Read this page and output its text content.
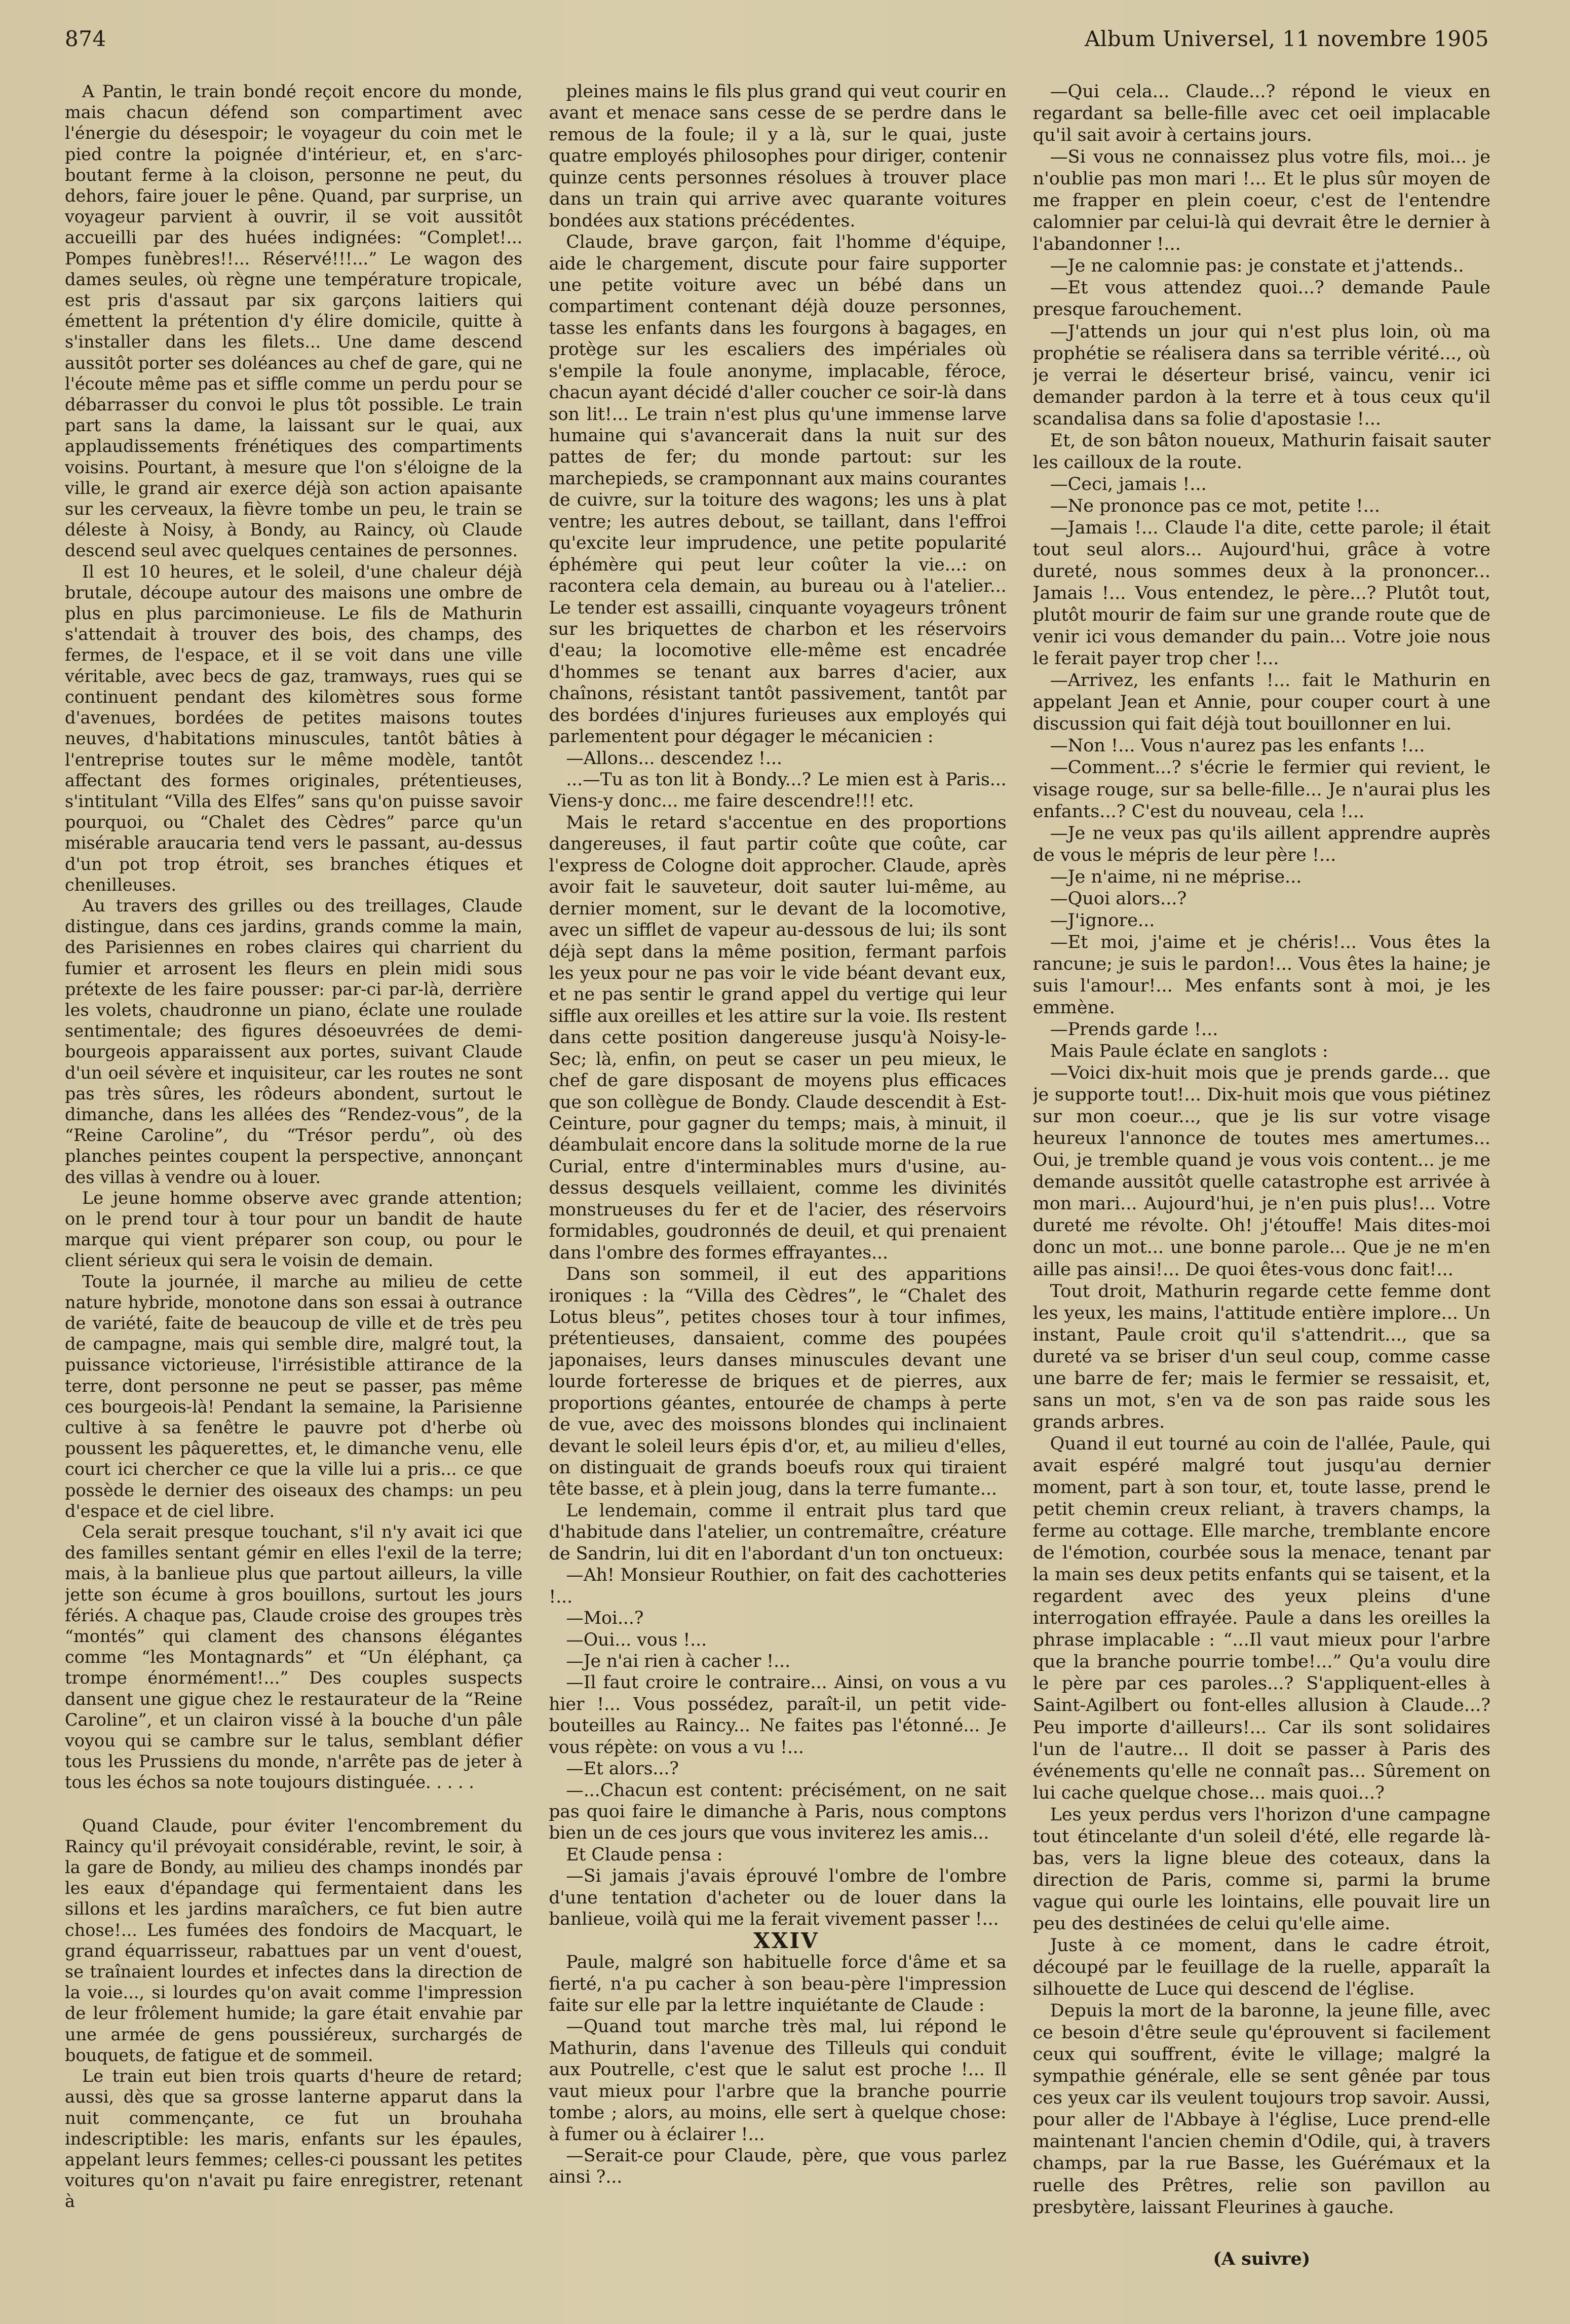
874	Album Universel, 11 novembre 1905

A Pantin, le train bondé reçoit encore du monde, mais chacun défend son compartiment avec l'énergie du désespoir; le voyageur du coin met le pied contre la poignée d'intérieur, et, en s'arc-boutant ferme à la cloison, personne ne peut, du dehors, faire jouer le pêne. Quand, par surprise, un voyageur parvient à ouvrir, il se voit aussitôt accueilli par des huées indignées: “Complet!... Pompes funèbres!!... Réservé!!!...” Le wagon des dames seules, où règne une température tropicale, est pris d'assaut par six garçons laitiers qui émettent la prétention d'y élire domicile, quitte à s'installer dans les filets... Une dame descend aussitôt porter ses doléances au chef de gare, qui ne l'écoute même pas et siffle comme un perdu pour se débarrasser du convoi le plus tôt possible. Le train part sans la dame, la laissant sur le quai, aux applaudissements frénétiques des compartiments voisins. Pourtant, à mesure que l'on s'éloigne de la ville, le grand air exerce déjà son action apaisante sur les cerveaux, la fièvre tombe un peu, le train se déleste à Noisy, à Bondy, au Raincy, où Claude descend seul avec quelques centaines de personnes.

Il est 10 heures, et le soleil, d'une chaleur déjà brutale, découpe autour des maisons une ombre de plus en plus parcimonieuse. Le fils de Mathurin s'attendait à trouver des bois, des champs, des fermes, de l'espace, et il se voit dans une ville véritable, avec becs de gaz, tramways, rues qui se continuent pendant des kilomètres sous forme d'avenues, bordées de petites maisons toutes neuves, d'habitations minuscules, tantôt bâties à l'entreprise toutes sur le même modèle, tantôt affectant des formes originales, prétentieuses, s'intitulant “Villa des Elfes” sans qu'on puisse savoir pourquoi, ou “Chalet des Cèdres” parce qu'un misérable araucaria tend vers le passant, au-dessus d'un pot trop étroit, ses branches étiques et chenilleuses.

Au travers des grilles ou des treillages, Claude distingue, dans ces jardins, grands comme la main, des Parisiennes en robes claires qui charrient du fumier et arrosent les fleurs en plein midi sous prétexte de les faire pousser: par-ci par-là, derrière les volets, chaudronne un piano, éclate une roulade sentimentale; des figures désoeuvrées de demi-bourgeois apparaissent aux portes, suivant Claude d'un oeil sévère et inquisiteur, car les routes ne sont pas très sûres, les rôdeurs abondent, surtout le dimanche, dans les allées des “Rendez-vous”, de la “Reine Caroline”, du “Trésor perdu”, où des planches peintes coupent la perspective, annonçant des villas à vendre ou à louer.

Le jeune homme observe avec grande attention; on le prend tour à tour pour un bandit de haute marque qui vient préparer son coup, ou pour le client sérieux qui sera le voisin de demain.

Toute la journée, il marche au milieu de cette nature hybride, monotone dans son essai à outrance de variété, faite de beaucoup de ville et de très peu de campagne, mais qui semble dire, malgré tout, la puissance victorieuse, l'irrésistible attirance de la terre, dont personne ne peut se passer, pas même ces bourgeois-là! Pendant la semaine, la Parisienne cultive à sa fenêtre le pauvre pot d'herbe où poussent les pâquerettes, et, le dimanche venu, elle court ici chercher ce que la ville lui a pris... ce que possède le dernier des oiseaux des champs: un peu d'espace et de ciel libre.

Cela serait presque touchant, s'il n'y avait ici que des familles sentant gémir en elles l'exil de la terre; mais, à la banlieue plus que partout ailleurs, la ville jette son écume à gros bouillons, surtout les jours fériés. A chaque pas, Claude croise des groupes très “montés” qui clament des chansons élégantes comme “les Montagnards” et “Un éléphant, ça trompe énormément!...” Des couples suspects dansent une gigue chez le restaurateur de la “Reine Caroline”, et un clairon vissé à la bouche d'un pâle voyou qui se cambre sur le talus, semblant défier tous les Prussiens du monde, n'arrête pas de jeter à tous les échos sa note toujours distinguée. . . . .

Quand Claude, pour éviter l'encombrement du Raincy qu'il prévoyait considérable, revint, le soir, à la gare de Bondy, au milieu des champs inondés par les eaux d'épandage qui fermentaient dans les sillons et les jardins maraîchers, ce fut bien autre chose!... Les fumées des fondoirs de Macquart, le grand équarrisseur, rabattues par un vent d'ouest, se traînaient lourdes et infectes dans la direction de la voie..., si lourdes qu'on avait comme l'impression de leur frôlement humide; la gare était envahie par une armée de gens poussiéreux, surchargés de bouquets, de fatigue et de sommeil.

Le train eut bien trois quarts d'heure de retard; aussi, dès que sa grosse lanterne apparut dans la nuit commençante, ce fut un brouhaha indescriptible: les maris, enfants sur les épaules, appelant leurs femmes; celles-ci poussant les petites voitures qu'on n'avait pu faire enregistrer, retenant à

pleines mains le fils plus grand qui veut courir en avant et menace sans cesse de se perdre dans le remous de la foule; il y a là, sur le quai, juste quatre employés philosophes pour diriger, contenir quinze cents personnes résolues à trouver place dans un train qui arrive avec quarante voitures bondées aux stations précédentes.

Claude, brave garçon, fait l'homme d'équipe, aide le chargement, discute pour faire supporter une petite voiture avec un bébé dans un compartiment contenant déjà douze personnes, tasse les enfants dans les fourgons à bagages, en protège sur les escaliers des impériales où s'empile la foule anonyme, implacable, féroce, chacun ayant décidé d'aller coucher ce soir-là dans son lit!... Le train n'est plus qu'une immense larve humaine qui s'avancerait dans la nuit sur des pattes de fer; du monde partout: sur les marchepieds, se cramponnant aux mains courantes de cuivre, sur la toiture des wagons; les uns à plat ventre; les autres debout, se taillant, dans l'effroi qu'excite leur imprudence, une petite popularité éphémère qui peut leur coûter la vie...: on racontera cela demain, au bureau ou à l'atelier... Le tender est assailli, cinquante voyageurs trônent sur les briquettes de charbon et les réservoirs d'eau; la locomotive elle-même est encadrée d'hommes se tenant aux barres d'acier, aux chaînons, résistant tantôt passivement, tantôt par des bordées d'injures furieuses aux employés qui parlementent pour dégager le mécanicien :

—Allons... descendez !...

...—Tu as ton lit à Bondy...? Le mien est à Paris... Viens-y donc... me faire descendre!!! etc.

Mais le retard s'accentue en des proportions dangereuses, il faut partir coûte que coûte, car l'express de Cologne doit approcher. Claude, après avoir fait le sauveteur, doit sauter lui-même, au dernier moment, sur le devant de la locomotive, avec un sifflet de vapeur au-dessous de lui; ils sont déjà sept dans la même position, fermant parfois les yeux pour ne pas voir le vide béant devant eux, et ne pas sentir le grand appel du vertige qui leur siffle aux oreilles et les attire sur la voie. Ils restent dans cette position dangereuse jusqu'à Noisy-le-Sec; là, enfin, on peut se caser un peu mieux, le chef de gare disposant de moyens plus efficaces que son collègue de Bondy. Claude descendit à Est-Ceinture, pour gagner du temps; mais, à minuit, il déambulait encore dans la solitude morne de la rue Curial, entre d'interminables murs d'usine, au-dessus desquels veillaient, comme les divinités monstrueuses du fer et de l'acier, des réservoirs formidables, goudronnés de deuil, et qui prenaient dans l'ombre des formes effrayantes...

Dans son sommeil, il eut des apparitions ironiques : la “Villa des Cèdres”, le “Chalet des Lotus bleus”, petites choses tour à tour infimes, prétentieuses, dansaient, comme des poupées japonaises, leurs danses minuscules devant une lourde forteresse de briques et de pierres, aux proportions géantes, entourée de champs à perte de vue, avec des moissons blondes qui inclinaient devant le soleil leurs épis d'or, et, au milieu d'elles, on distinguait de grands boeufs roux qui tiraient tête basse, et à plein joug, dans la terre fumante...

Le lendemain, comme il entrait plus tard que d'habitude dans l'atelier, un contremaître, créature de Sandrin, lui dit en l'abordant d'un ton onctueux:

—Ah! Monsieur Routhier, on fait des cachotteries !...

—Moi...?

—Oui... vous !...

—Je n'ai rien à cacher !...

—Il faut croire le contraire... Ainsi, on vous a vu hier !... Vous possédez, paraît-il, un petit vide-bouteilles au Raincy... Ne faites pas l'étonné... Je vous répète: on vous a vu !...

—Et alors...?

—...Chacun est content: précisément, on ne sait pas quoi faire le dimanche à Paris, nous comptons bien un de ces jours que vous inviterez les amis...

Et Claude pensa :

—Si jamais j'avais éprouvé l'ombre de l'ombre d'une tentation d'acheter ou de louer dans la banlieue, voilà qui me la ferait vivement passer !...

XXIV

Paule, malgré son habituelle force d'âme et sa fierté, n'a pu cacher à son beau-père l'impression faite sur elle par la lettre inquiétante de Claude :

—Quand tout marche très mal, lui répond le Mathurin, dans l'avenue des Tilleuls qui conduit aux Poutrelle, c'est que le salut est proche !... Il vaut mieux pour l'arbre que la branche pourrie tombe ; alors, au moins, elle sert à quelque chose: à fumer ou à éclairer !...

—Serait-ce pour Claude, père, que vous parlez ainsi ?...

—Qui cela... Claude...? répond le vieux en regardant sa belle-fille avec cet oeil implacable qu'il sait avoir à certains jours.

—Si vous ne connaissez plus votre fils, moi... je n'oublie pas mon mari !... Et le plus sûr moyen de me frapper en plein coeur, c'est de l'entendre calomnier par celui-là qui devrait être le dernier à l'abandonner !...

—Je ne calomnie pas: je constate et j'attends..

—Et vous attendez quoi...? demande Paule presque farouchement.

—J'attends un jour qui n'est plus loin, où ma prophétie se réalisera dans sa terrible vérité..., où je verrai le déserteur brisé, vaincu, venir ici demander pardon à la terre et à tous ceux qu'il scandalisa dans sa folie d'apostasie !...

Et, de son bâton noueux, Mathurin faisait sauter les cailloux de la route.

—Ceci, jamais !...

—Ne prononce pas ce mot, petite !...

—Jamais !... Claude l'a dite, cette parole; il était tout seul alors... Aujourd'hui, grâce à votre dureté, nous sommes deux à la prononcer... Jamais !... Vous entendez, le père...? Plutôt tout, plutôt mourir de faim sur une grande route que de venir ici vous demander du pain... Votre joie nous le ferait payer trop cher !...

—Arrivez, les enfants !... fait le Mathurin en appelant Jean et Annie, pour couper court à une discussion qui fait déjà tout bouillonner en lui.

—Non !... Vous n'aurez pas les enfants !...

—Comment...? s'écrie le fermier qui revient, le visage rouge, sur sa belle-fille... Je n'aurai plus les enfants...? C'est du nouveau, cela !...

—Je ne veux pas qu'ils aillent apprendre auprès de vous le mépris de leur père !...

—Je n'aime, ni ne méprise...

—Quoi alors...?

—J'ignore...

—Et moi, j'aime et je chéris!... Vous êtes la rancune; je suis le pardon!... Vous êtes la haine; je suis l'amour!... Mes enfants sont à moi, je les emmène.

—Prends garde !...

Mais Paule éclate en sanglots :

—Voici dix-huit mois que je prends garde... que je supporte tout!... Dix-huit mois que vous piétinez sur mon coeur..., que je lis sur votre visage heureux l'annonce de toutes mes amertumes... Oui, je tremble quand je vous vois content... je me demande aussitôt quelle catastrophe est arrivée à mon mari... Aujourd'hui, je n'en puis plus!... Votre dureté me révolte. Oh! j'étouffe! Mais dites-moi donc un mot... une bonne parole... Que je ne m'en aille pas ainsi!... De quoi êtes-vous donc fait!...

Tout droit, Mathurin regarde cette femme dont les yeux, les mains, l'attitude entière implore... Un instant, Paule croit qu'il s'attendrit..., que sa dureté va se briser d'un seul coup, comme casse une barre de fer; mais le fermier se ressaisit, et, sans un mot, s'en va de son pas raide sous les grands arbres.

Quand il eut tourné au coin de l'allée, Paule, qui avait espéré malgré tout jusqu'au dernier moment, part à son tour, et, toute lasse, prend le petit chemin creux reliant, à travers champs, la ferme au cottage. Elle marche, tremblante encore de l'émotion, courbée sous la menace, tenant par la main ses deux petits enfants qui se taisent, et la regardent avec des yeux pleins d'une interrogation effrayée. Paule a dans les oreilles la phrase implacable : “...Il vaut mieux pour l'arbre que la branche pourrie tombe!...” Qu'a voulu dire le père par ces paroles...? S'appliquent-elles à Saint-Agilbert ou font-elles allusion à Claude...? Peu importe d'ailleurs!... Car ils sont solidaires l'un de l'autre... Il doit se passer à Paris des événements qu'elle ne connaît pas... Sûrement on lui cache quelque chose... mais quoi...?

Les yeux perdus vers l'horizon d'une campagne tout étincelante d'un soleil d'été, elle regarde là-bas, vers la ligne bleue des coteaux, dans la direction de Paris, comme si, parmi la brume vague qui ourle les lointains, elle pouvait lire un peu des destinées de celui qu'elle aime.

Juste à ce moment, dans le cadre étroit, découpé par le feuillage de la ruelle, apparaît la silhouette de Luce qui descend de l'église.

Depuis la mort de la baronne, la jeune fille, avec ce besoin d'être seule qu'éprouvent si facilement ceux qui souffrent, évite le village; malgré la sympathie générale, elle se sent gênée par tous ces yeux car ils veulent toujours trop savoir. Aussi, pour aller de l'Abbaye à l'église, Luce prend-elle maintenant l'ancien chemin d'Odile, qui, à travers champs, par la rue Basse, les Guérémaux et la ruelle des Prêtres, relie son pavillon au presbytère, laissant Fleurines à gauche.

(A suivre)
